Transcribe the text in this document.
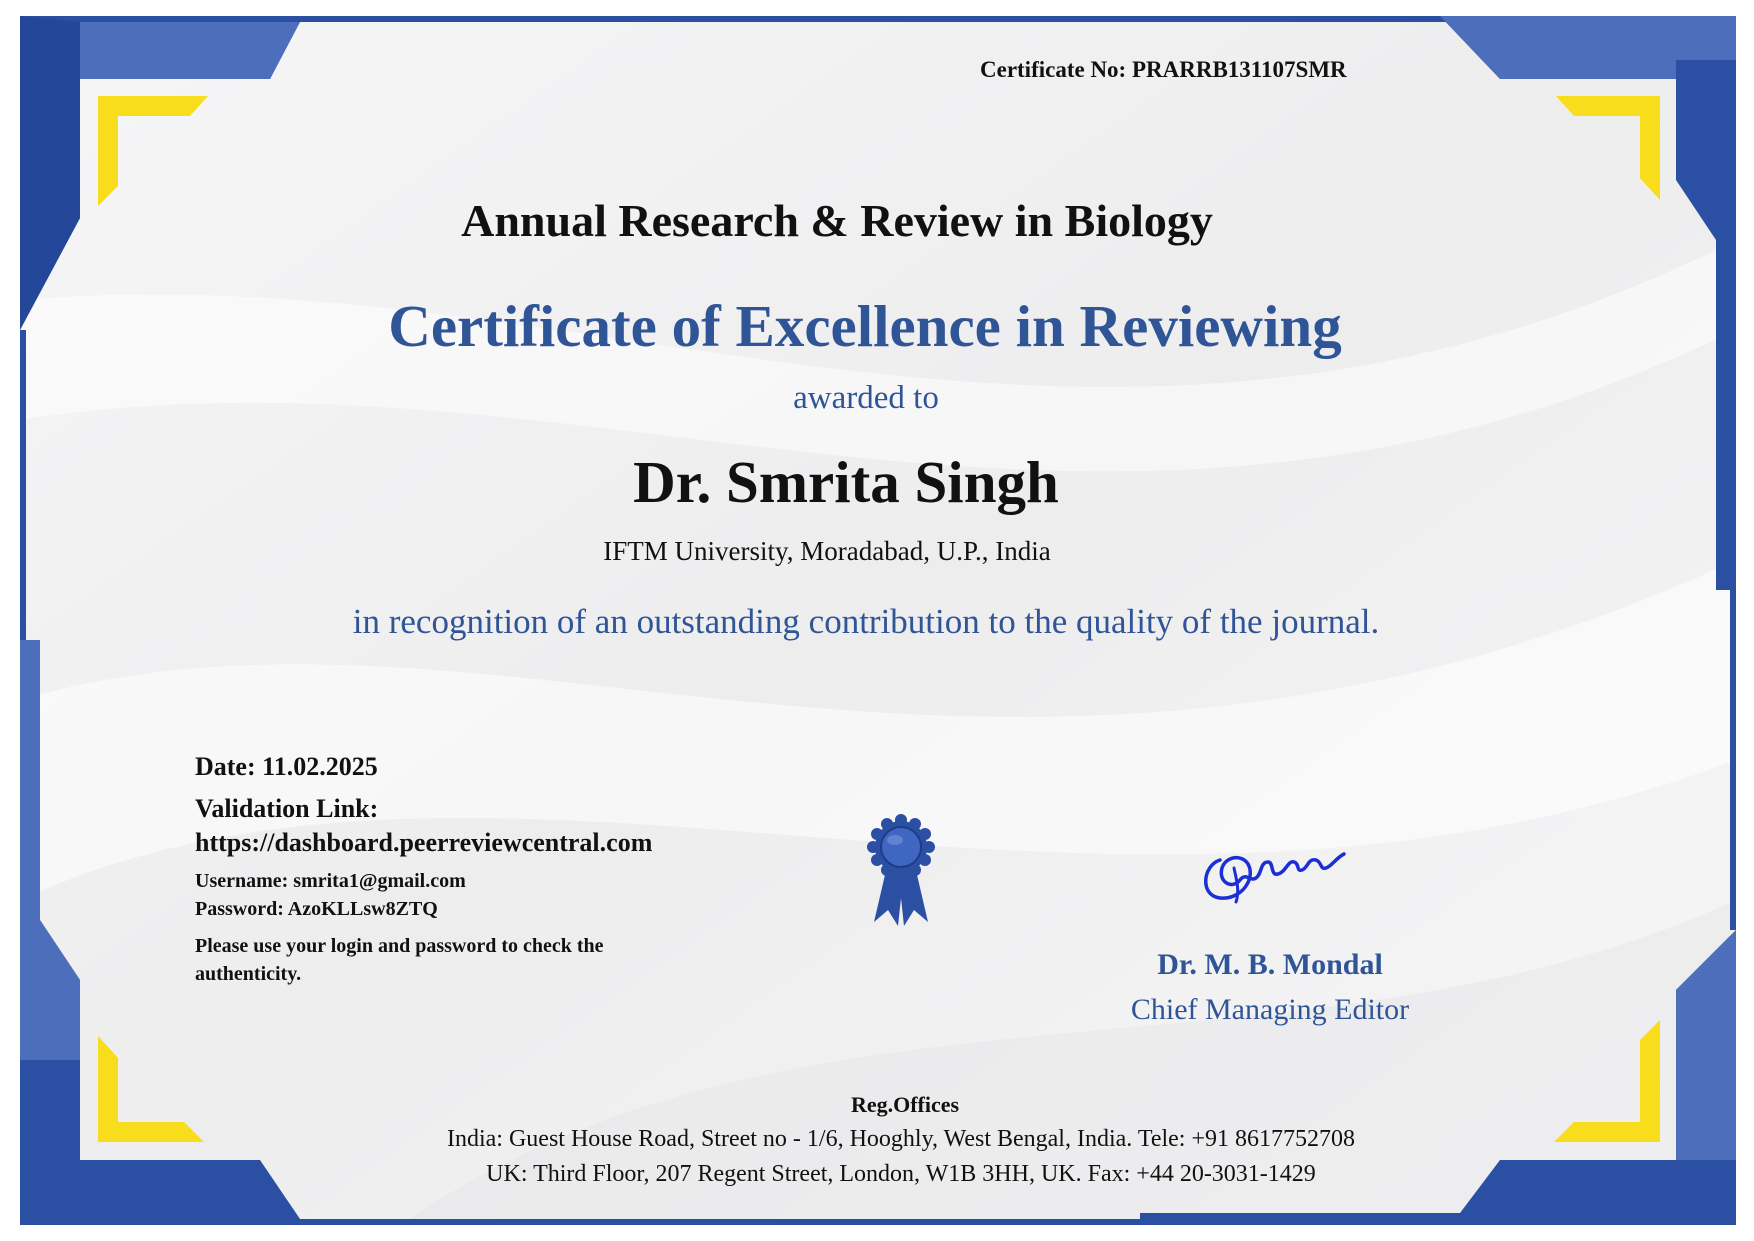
Certificate No: PRARRB131107SMR

Annual Research & Review in Biology

Certificate of Excellence in Reviewing

awarded to

Dr. Smrita Singh

IFTM University, Moradabad, U.P., India

in recognition of an outstanding contribution to the quality of the journal.

Date: 11.02.2025

Validation Link:

https://dashboard.peerreviewcentral.com

Username: smrita1@gmail.com

Password: AzoKLLsw8ZTQ

Please use your login and password to check the

authenticity.	Dr. M. B. Mondal

Chief Managing Editor

Reg.Offices

India: Guest House Road, Street no - 1/6, Hooghly, West Bengal, India. Tele: +91 8617752708

UK: Third Floor, 207 Regent Street, London, W1B 3HH, UK. Fax: +44 20-3031-1429
